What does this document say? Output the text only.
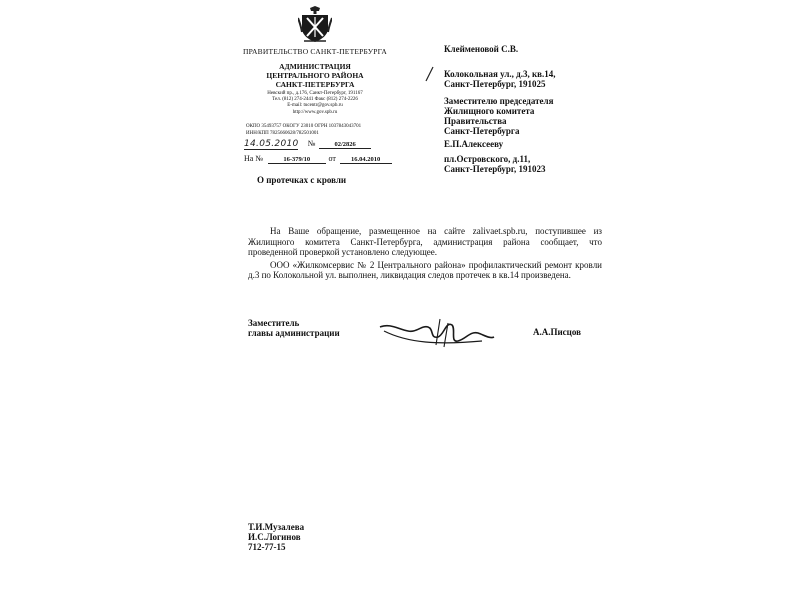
ПРАВИТЕЛЬСТВО САНКТ-ПЕТЕРБУРГА
АДМИНИСТРАЦИЯ
ЦЕНТРАЛЬНОГО РАЙОНА
САНКТ-ПЕТЕРБУРГА
Невский пр., д.176, Санкт-Петербург, 191167
Тел. (812) 274-2441 Факс (812) 274-2226
E-mail: tucentr@gov.spb.ru
http://www.gov.spb.ru
ОКПО 35493757 ОКОГУ 23010 ОГРН 1037843043701
ИНН/КПП 7825660628/782501001
14.05.2010 №	02/2826
На №	16-379/10 от 16.04.2010
О протечках с кровли
Клейменовой С.В.
Колокольная ул., д.3, кв.14,
Санкт-Петербург, 191025
Заместителю председателя
Жилищного комитета
Правительства
Санкт-Петербурга
Е.П.Алексееву
пл.Островского, д.11,
Санкт-Петербург, 191023

На Ваше обращение, размещенное на сайте zalivaet.spb.ru, поступившее из Жилищного комитета Санкт-Петербурга, администрация района сообщает, что проведенной проверкой установлено следующее.

ООО «Жилкомсервис № 2 Центрального района» профилактический ремонт кровли д.3 по Колокольной ул. выполнен, ликвидация следов протечек в кв.14 произведена.

Заместитель
главы администрации	А.А.Писцов
Т.И.Музалева
И.С.Логинов
712-77-15
